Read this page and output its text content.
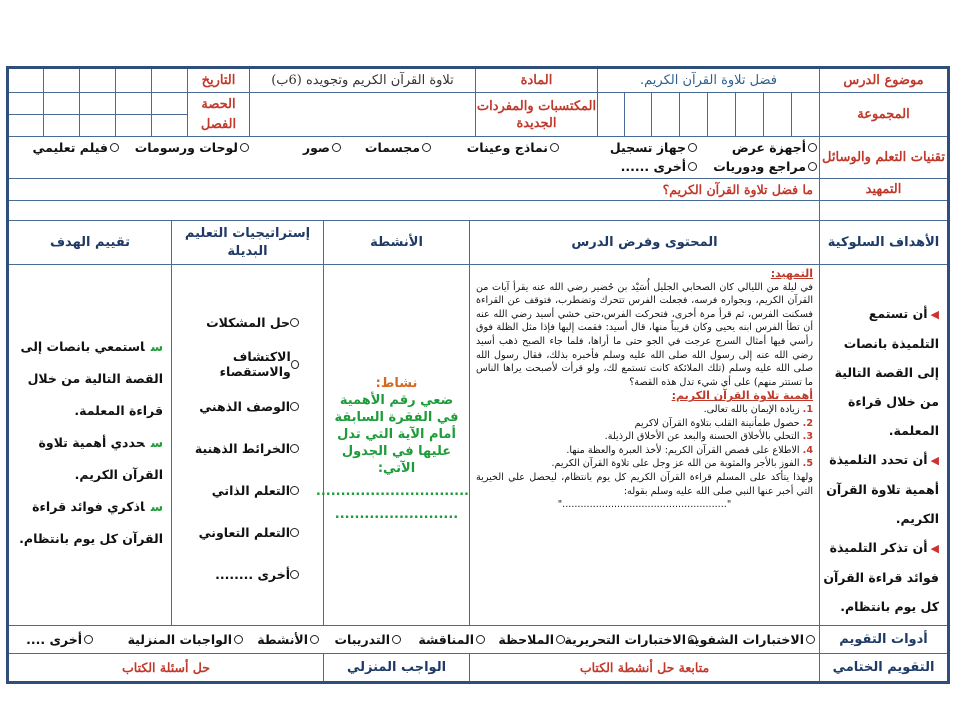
موضوع الدرس
فضل تلاوة القرآن الكريم.
المادة
تلاوة القرآن الكريم وتجويده (6ب)
التاريخ
المجموعة
المكتسبات والمفردات الجديدة
الحصة
الفصل
تقنيات التعلم والوسائل
أجهزة عرض
جهاز تسجيل
نماذج وعينات
مجسمات
صور
لوحات ورسومات
فيلم تعليمي
مراجع ودوريات
أخرى ......
التمهيد
ما فضل تلاوة القرآن الكريم؟
الأهداف السلوكية
المحتوى وفرض الدرس
الأنشطة
إستراتيجيات التعليم البديلة
تقييم الهدف
◀أن تستمع التلميذة بانصات إلى القصة التالية من خلال قراءة المعلمة.
◀أن تحدد التلميذة أهمية تلاوة القرآن الكريم.
◀أن تذكر التلميذة فوائد قراءة القرآن كل يوم بانتظام.
التمهيد:
في ليلة من الليالي كان الصحابي الجليل أُسَيْد بن حُضير رضي الله عنه يقرأ آيات من القرآن الكريم، وبجواره فرسه، فجعلت الفرس تتحرك وتضطرب، فتوقف عن القراءة فسكنت الفرس، ثم قرأ مرة أخرى، فتحركت الفرس،حتى خشي أسيد رضي الله عنه أن تطأ الفرس ابنه يحيى وكان قريباً منها، قال أسيد: فقمت إليها فإذا مثل الظلة فوق رأسي فيها أمثال السرج عرجت في الجو حتى ما أراها، فلما جاء الصبح ذهب أسيد رضي الله عنه إلى رسول الله صلى الله عليه وسلم فأخبره بذلك، فقال رسول الله صلى الله عليه وسلم (تلك الملائكة كانت تستمع لك، ولو قرأت لأصبحت يراها الناس ما تستتر منهم) على أي شيء تدل هذه القصة؟
أهمية تلاوة القرآن الكريم:
1. زيادة الإيمان بالله تعالى.
2. حصول طمأنينة القلب بتلاوة القرآن لاكريم
3. التحلي بالأخلاق الحسنة والبعد عن الأخلاق الرذيلة.
4. الاطلاع على قصص القرآن الكريم: لأخذ العبرة والعظة منها.
5. الفوز بالأجر والمثوبة من الله عز وجل على تلاوة القرآن الكريم.
ولهذا يتأكد على المسلم قراءة القرآن الكريم كل يوم بانتظام، ليحصل علي الخيرية التي أخبر عنها النبي صلى الله عليه وسلم بقوله:
"......................................................"
نشاط:
ضعي رقم الأهمية في الفقرة السابقة أمام الآية التي تدل عليها في الجدول الآتي:
...............................
.........................
حل المشكلات
الاكتشاف والاستقصاء
الوصف الذهني
الخرائط الذهنية
التعلم الذاتي
التعلم التعاوني
أخرى ........
ساستمعي بانصات إلى القصة التالية من خلال قراءة المعلمة.
سحددي أهمية تلاوة القرآن الكريم.
ساذكري فوائد قراءة القرآن كل يوم بانتظام.
أدوات التقويم
الاختبارات الشفوية
الاختبارات التحريرية
الملاحظة
المناقشة
التدريبات
الأنشطة
الواجبات المنزلية
أخرى ....
التقويم الختامي
متابعة حل أنشطة الكتاب
الواجب المنزلي
حل أسئلة الكتاب
